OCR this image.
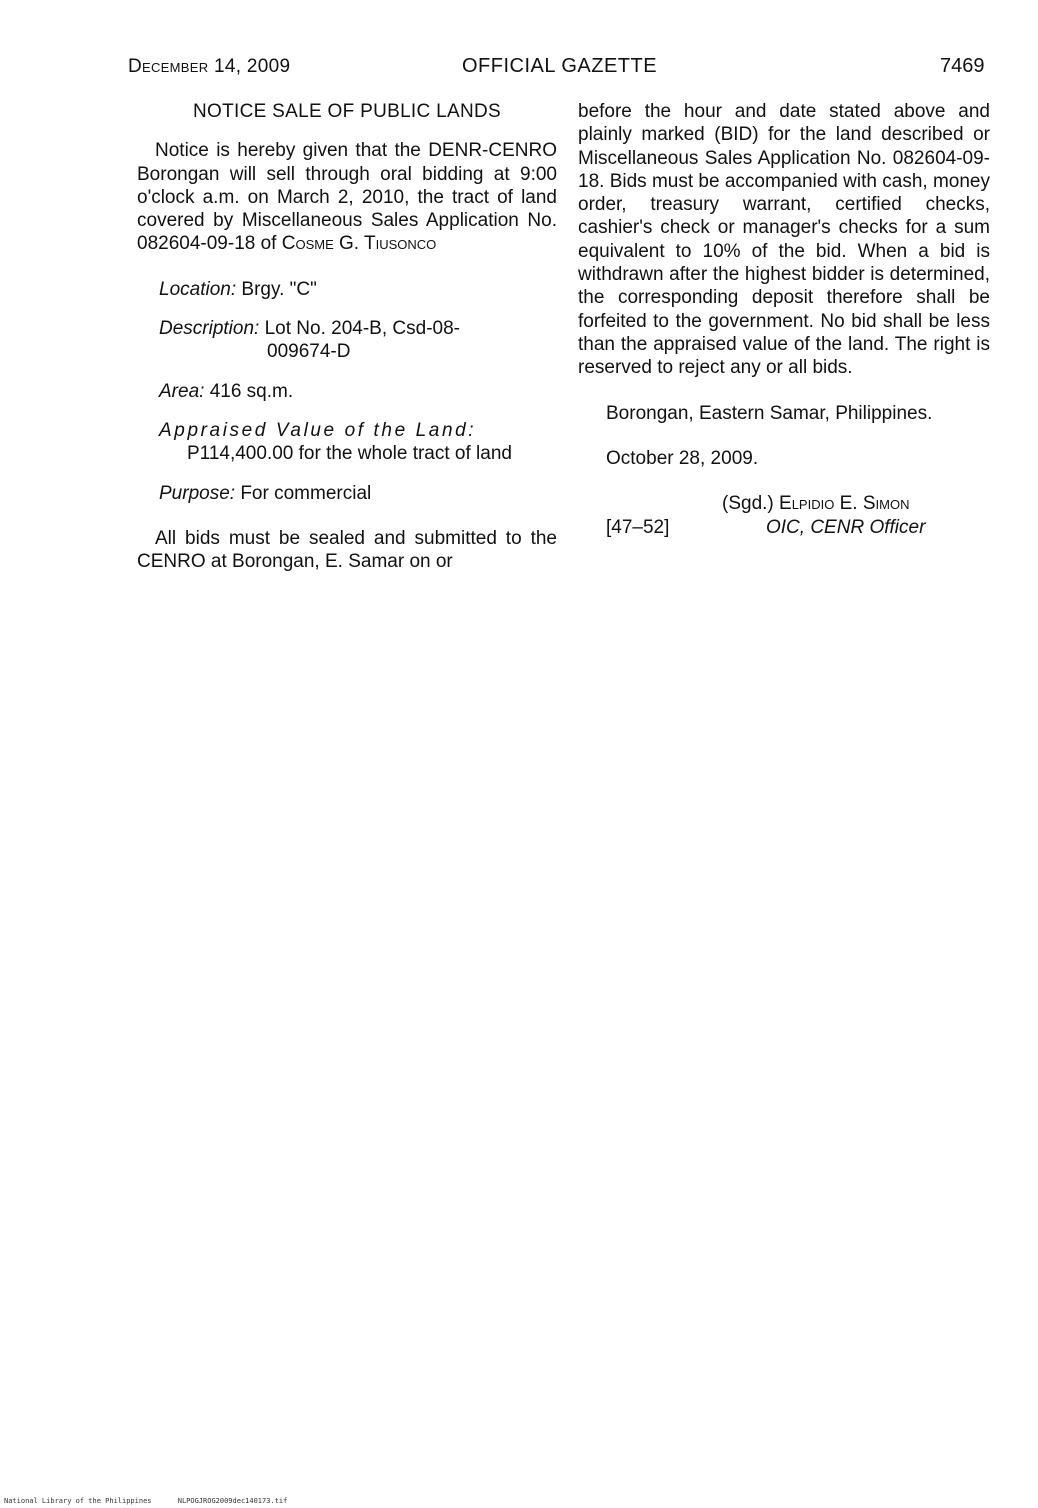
December 14, 2009	OFFICIAL GAZETTE	7469
NOTICE SALE OF PUBLIC LANDS

Notice is hereby given that the DENR-CENRO Borongan will sell through oral bidding at 9:00 o'clock a.m. on March 2, 2010, the tract of land covered by Miscellaneous Sales Application No. 082604-09-18 of Cosme G. Tiusonco

Location: Brgy. "C"
Description: Lot No. 204-B, Csd-08-
009674-D
Area: 416 sq.m.
Appraised Value of the Land:
P114,400.00 for the whole tract of land
Purpose: For commercial

All bids must be sealed and submitted to the CENRO at Borongan, E. Samar on or

before the hour and date stated above and plainly marked (BID) for the land described or Miscellaneous Sales Application No. 082604-09-18. Bids must be accompanied with cash, money order, treasury warrant, certified checks, cashier's check or manager's checks for a sum equivalent to 10% of the bid. When a bid is withdrawn after the highest bidder is determined, the corresponding deposit therefore shall be forfeited to the government. No bid shall be less than the appraised value of the land. The right is reserved to reject any or all bids.

Borongan, Eastern Samar, Philippines.
October 28, 2009.
(Sgd.) Elpidio E. Simon
[47–52]	OIC, CENR Officer
National Library of the Philippines	NLPOGJROG2009dec140173.tif
